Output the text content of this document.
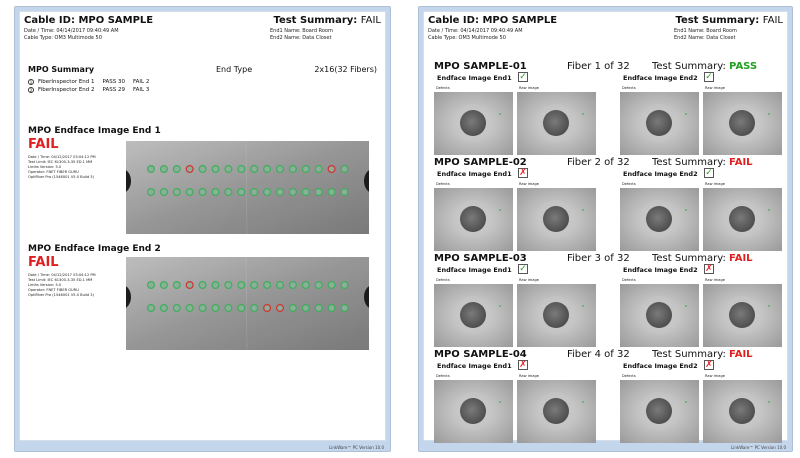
Cable ID: MPO SAMPLE
Date / Time: 04/14/2017 09:40:49 AM
Cable Type: OM3 Multimode 50
Test Summary: FAIL
End1 Name: Board Room
End2 Name: Data Closet
MPO Summary	End Type	2x16(32 Fibers)
1	FiberInspector End 1 PASS 30 FAIL 2
2	FiberInspector End 2 PASS 29 FAIL 3
MPO Endface Image End 1
FAIL
Date / Time: 04/12/2017 03:04:12 PM
Test Limit: IEC 61300-3-35 ED.1 MM
Limits Version: 5.0
Operator: FNET FIBER GURU
OptiFiber Pro (1546001 V5.0 Build 3)
MPO Endface Image End 2
FAIL
Date / Time: 04/12/2017 03:04:12 PM
Test Limit: IEC 61300-3-35 ED.1 MM
Limits Version: 5.0
Operator: FNET FIBER GURU
OptiFiber Pro (1546001 V5.0 Build 3)
LinkWare™ PC Version 10.0
Cable ID: MPO SAMPLE
Date / Time: 04/14/2017 09:40:49 AM
Cable Type: OM3 Multimode 50
Test Summary: FAIL
End1 Name: Board Room
End2 Name: Data Closet
MPO SAMPLE-01	Fiber 1 of 32 Test Summary: PASS
Endface Image End1 ✓	Endface Image End2 ✓
Defects	Raw Image	Defects	Raw Image
MPO SAMPLE-02	Fiber 2 of 32 Test Summary: FAIL
Endface Image End1 ✗	Endface Image End2 ✓
Defects	Raw Image	Defects	Raw Image
MPO SAMPLE-03	Fiber 3 of 32 Test Summary: FAIL
Endface Image End1 ✓	Endface Image End2 ✗
Defects	Raw Image	Defects	Raw Image
MPO SAMPLE-04	Fiber 4 of 32 Test Summary: FAIL
Endface Image End1 ✗	Endface Image End2 ✗
Defects	Raw Image	Defects	Raw Image
LinkWare™ PC Version 10.0
